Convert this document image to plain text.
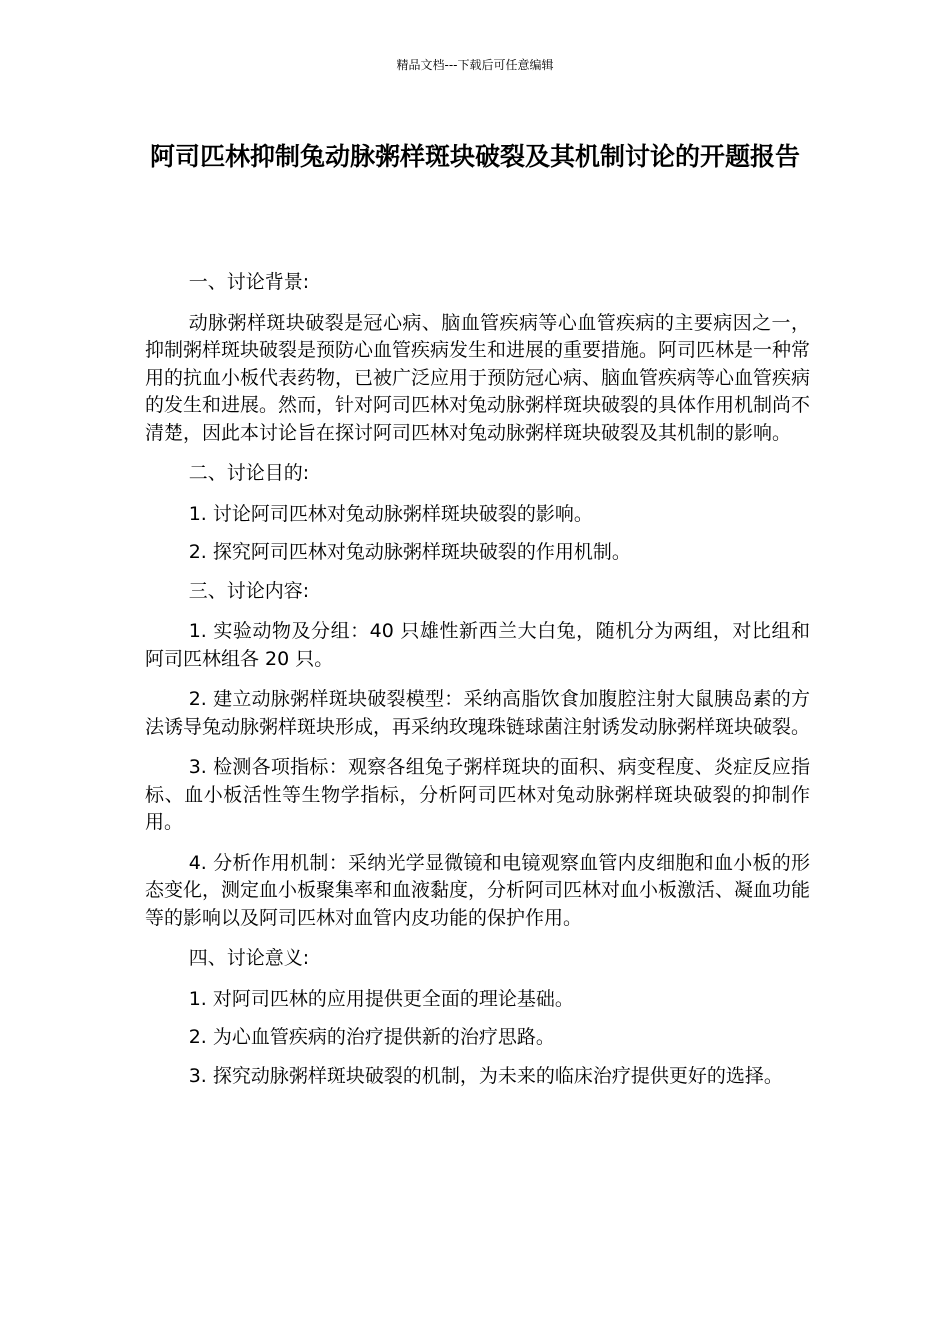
精品文档---下载后可任意编辑
阿司匹林抑制兔动脉粥样斑块破裂及其机制讨论的开题报告

一、讨论背景:

动脉粥样斑块破裂是冠心病、脑血管疾病等心血管疾病的主要病因之一，抑制粥样斑块破裂是预防心血管疾病发生和进展的重要措施。阿司匹林是一种常用的抗血小板代表药物，已被广泛应用于预防冠心病、脑血管疾病等心血管疾病的发生和进展。然而，针对阿司匹林对兔动脉粥样斑块破裂的具体作用机制尚不清楚，因此本讨论旨在探讨阿司匹林对兔动脉粥样斑块破裂及其机制的影响。

二、讨论目的:

1. 讨论阿司匹林对兔动脉粥样斑块破裂的影响。

2. 探究阿司匹林对兔动脉粥样斑块破裂的作用机制。

三、讨论内容:

1. 实验动物及分组：40 只雄性新西兰大白兔，随机分为两组，对比组和阿司匹林组各 20 只。

2. 建立动脉粥样斑块破裂模型：采纳高脂饮食加腹腔注射大鼠胰岛素的方法诱导兔动脉粥样斑块形成，再采纳玫瑰珠链球菌注射诱发动脉粥样斑块破裂。

3. 检测各项指标：观察各组兔子粥样斑块的面积、病变程度、炎症反应指标、血小板活性等生物学指标，分析阿司匹林对兔动脉粥样斑块破裂的抑制作用。

4. 分析作用机制：采纳光学显微镜和电镜观察血管内皮细胞和血小板的形态变化，测定血小板聚集率和血液黏度，分析阿司匹林对血小板激活、凝血功能等的影响以及阿司匹林对血管内皮功能的保护作用。

四、讨论意义:

1. 对阿司匹林的应用提供更全面的理论基础。

2. 为心血管疾病的治疗提供新的治疗思路。

3. 探究动脉粥样斑块破裂的机制，为未来的临床治疗提供更好的选择。
